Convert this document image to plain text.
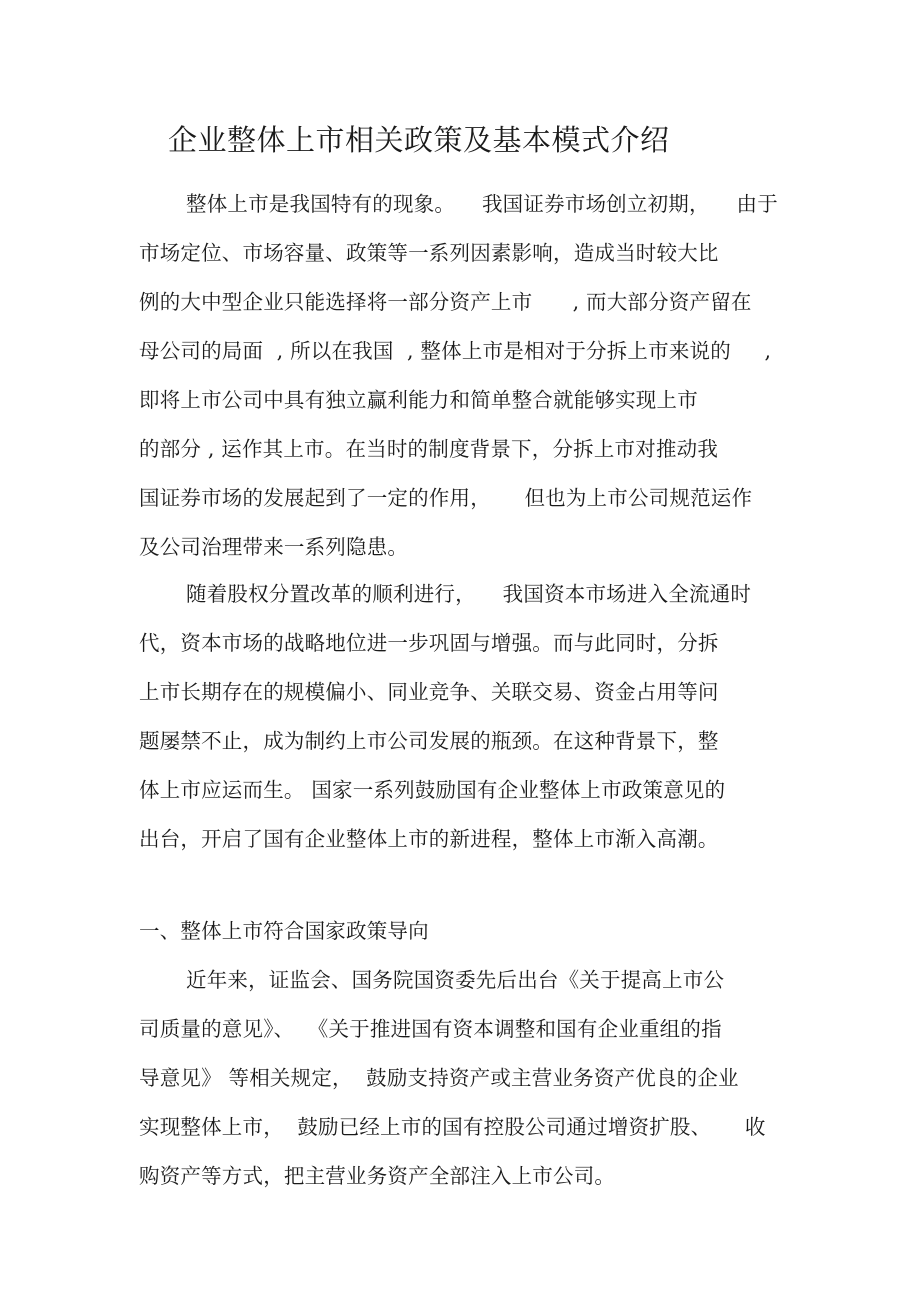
企业整体上市相关政策及基本模式介绍
整体上市是我国特有的现象。    我国证券市场创立初期，    由于
市场定位、市场容量、政策等一系列因素影响，造成当时较大比
例的大中型企业只能选择将一部分资产上市      , 而大部分资产留在
母公司的局面  , 所以在我国  , 整体上市是相对于分拆上市来说的     ,
即将上市公司中具有独立赢利能力和简单整合就能够实现上市
的部分 , 运作其上市。在当时的制度背景下，分拆上市对推动我
国证券市场的发展起到了一定的作用，     但也为上市公司规范运作
及公司治理带来一系列隐患。
随着股权分置改革的顺利进行，    我国资本市场进入全流通时
代，资本市场的战略地位进一步巩固与增强。而与此同时，分拆
上市长期存在的规模偏小、同业竞争、关联交易、资金占用等问
题屡禁不止，成为制约上市公司发展的瓶颈。在这种背景下，整
体上市应运而生。 国家一系列鼓励国有企业整体上市政策意见的
出台，开启了国有企业整体上市的新进程，整体上市渐入高潮。
一、整体上市符合国家政策导向
近年来，证监会、国务院国资委先后出台《关于提高上市公
司质量的意见》、  《关于推进国有资本调整和国有企业重组的指
导意见》 等相关规定，  鼓励支持资产或主营业务资产优良的企业
实现整体上市，  鼓励已经上市的国有控股公司通过增资扩股、     收
购资产等方式，把主营业务资产全部注入上市公司。
